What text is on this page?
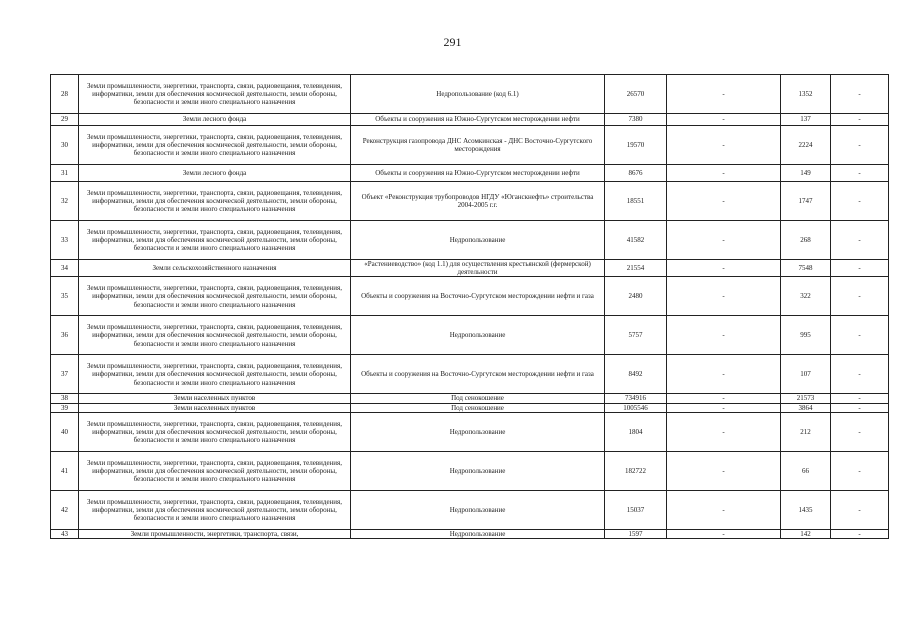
291
28	Земли промышленности, энергетики, транспорта, связи, радиовещания, телевидения, информатики, земли для обеспечения космической деятельности, земли обороны, безопасности и земли иного специального назначения	Недропользование (код 6.1)	26570	-	1352	-
29	Земли лесного фонда	Объекты и сооружения на Южно-Сургутском месторождении нефти	7380	-	137	-
30	Земли промышленности, энергетики, транспорта, связи, радиовещания, телевидения, информатики, земли для обеспечения космической деятельности, земли обороны, безопасности и земли иного специального назначения	Реконструкция газопровода ДНС Асомкинская - ДНС Восточно-Сургутского месторождения	19570	-	2224	-
31	Земли лесного фонда	Объекты и сооружения на Южно-Сургутском месторождении нефти	8676	-	149	-
32	Земли промышленности, энергетики, транспорта, связи, радиовещания, телевидения, информатики, земли для обеспечения космической деятельности, земли обороны, безопасности и земли иного специального назначения	Объект «Реконструкция трубопроводов НГДУ «Юганскнефть» строительства 2004-2005 г.г.	18551	-	1747	-
33	Земли промышленности, энергетики, транспорта, связи, радиовещания, телевидения, информатики, земли для обеспечения космической деятельности, земли обороны, безопасности и земли иного специального назначения	Недропользование	41582	-	268	-
34	Земли сельскохозяйственного назначения	«Растениеводство» (код 1.1) для осуществления крестьянской (фермерской) деятельности	21554	-	7548	-
35	Земли промышленности, энергетики, транспорта, связи, радиовещания, телевидения, информатики, земли для обеспечения космической деятельности, земли обороны, безопасности и земли иного специального назначения	Объекты и сооружения на Восточно-Сургутском месторождении нефти и газа	2480	-	322	-
36	Земли промышленности, энергетики, транспорта, связи, радиовещания, телевидения, информатики, земли для обеспечения космической деятельности, земли обороны, безопасности и земли иного специального назначения	Недропользование	5757	-	995	-
37	Земли промышленности, энергетики, транспорта, связи, радиовещания, телевидения, информатики, земли для обеспечения космической деятельности, земли обороны, безопасности и земли иного специального назначения	Объекты и сооружения на Восточно-Сургутском месторождении нефти и газа	8492	-	107	-
38	Земли населенных пунктов	Под сенокошение	734916	-	21573	-
39	Земли населенных пунктов	Под сенокошение	1005546	-	3864	-
40	Земли промышленности, энергетики, транспорта, связи, радиовещания, телевидения, информатики, земли для обеспечения космической деятельности, земли обороны, безопасности и земли иного специального назначения	Недропользование	1804	-	212	-
41	Земли промышленности, энергетики, транспорта, связи, радиовещания, телевидения, информатики, земли для обеспечения космической деятельности, земли обороны, безопасности и земли иного специального назначения	Недропользование	182722	-	66	-
42	Земли промышленности, энергетики, транспорта, связи, радиовещания, телевидения, информатики, земли для обеспечения космической деятельности, земли обороны, безопасности и земли иного специального назначения	Недропользование	15037	-	1435	-
43	Земли промышленности, энергетики, транспорта, связи,	Недропользование	1597	-	142	-
